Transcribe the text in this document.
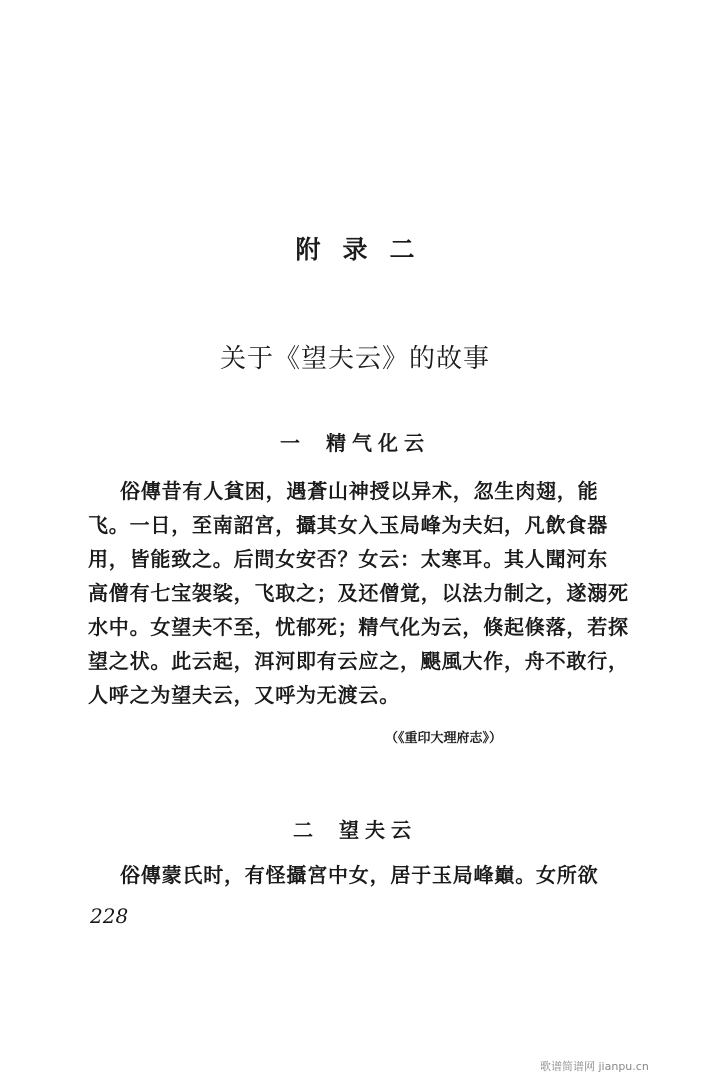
附录二
关于《望夫云》的故事
一 精气化云
俗傳昔有人貧困，遇蒼山神授以异术，忽生肉翅，能
飞。一日，至南詔宮，攝其女入玉局峰为夫妇，凡飲食器
用，皆能致之。后問女安否？女云：太寒耳。其人聞河东
高僧有七宝袈裟，飞取之；及还僧覚，以法力制之，遂溺死
水中。女望夫不至，忧郁死；精气化为云，倏起倏落，若探
望之状。此云起，洱河即有云应之，颶風大作，舟不敢行，
人呼之为望夫云，又呼为无渡云。
（《重印大理府志》）
二 望夫云
俗傳蒙氏时，有怪攝宮中女，居于玉局峰巔。女所欲
228
歌谱简谱网 jianpu.cn
